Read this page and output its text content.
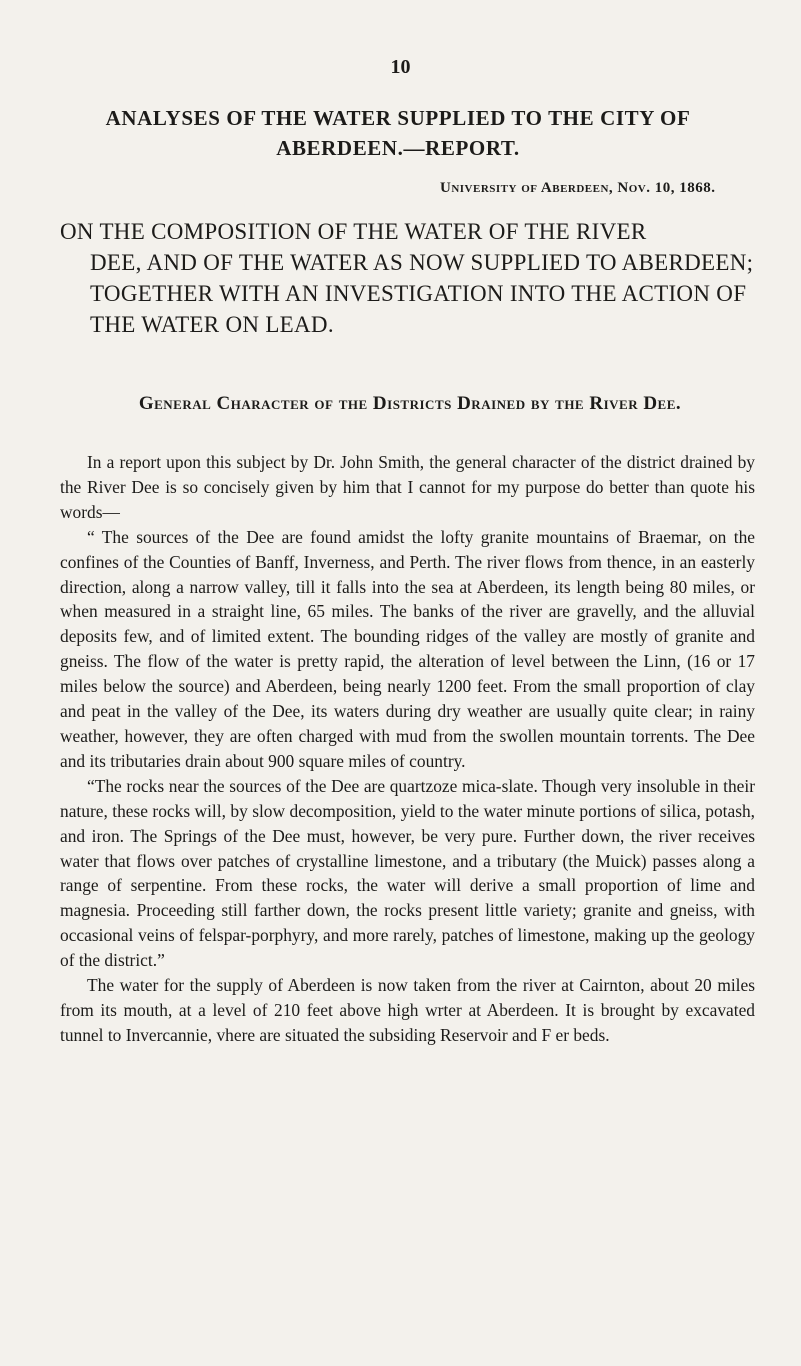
10
ANALYSES OF THE WATER SUPPLIED TO THE CITY OF
ABERDEEN.—REPORT.
University of Aberdeen, Nov. 10, 1868.
ON THE COMPOSITION OF THE WATER OF THE RIVER
DEE, AND OF THE WATER AS NOW SUPPLIED TO ABERDEEN; TOGETHER WITH AN INVESTIGATION INTO THE ACTION OF THE WATER ON LEAD.
General Character of the Districts Drained by the River Dee.

In a report upon this subject by Dr. John Smith, the general character of the district drained by the River Dee is so concisely given by him that I cannot for my purpose do better than quote his words—

“ The sources of the Dee are found amidst the lofty granite mountains of Braemar, on the confines of the Counties of Banff, Inverness, and Perth. The river flows from thence, in an easterly direction, along a narrow valley, till it falls into the sea at Aberdeen, its length being 80 miles, or when measured in a straight line, 65 miles. The banks of the river are gravelly, and the alluvial deposits few, and of limited extent. The bounding ridges of the valley are mostly of granite and gneiss. The flow of the water is pretty rapid, the alteration of level between the Linn, (16 or 17 miles below the source) and Aberdeen, being nearly 1200 feet. From the small proportion of clay and peat in the valley of the Dee, its waters during dry weather are usually quite clear; in rainy weather, however, they are often charged with mud from the swollen mountain torrents. The Dee and its tributaries drain about 900 square miles of country.

“The rocks near the sources of the Dee are quartzoze mica-slate. Though very insoluble in their nature, these rocks will, by slow decomposition, yield to the water minute portions of silica, potash, and iron. The Springs of the Dee must, however, be very pure. Further down, the river receives water that flows over patches of crystalline limestone, and a tributary (the Muick) passes along a range of serpentine. From these rocks, the water will derive a small proportion of lime and magnesia. Proceeding still farther down, the rocks present little variety; granite and gneiss, with occasional veins of felspar-porphyry, and more rarely, patches of limestone, making up the geology of the district.”

The water for the supply of Aberdeen is now taken from the river at Cairnton, about 20 miles from its mouth, at a level of 210 feet above high wrter at Aberdeen. It is brought by excavated tunnel to Invercannie, vhere are situated the subsiding Reservoir and F er beds.
